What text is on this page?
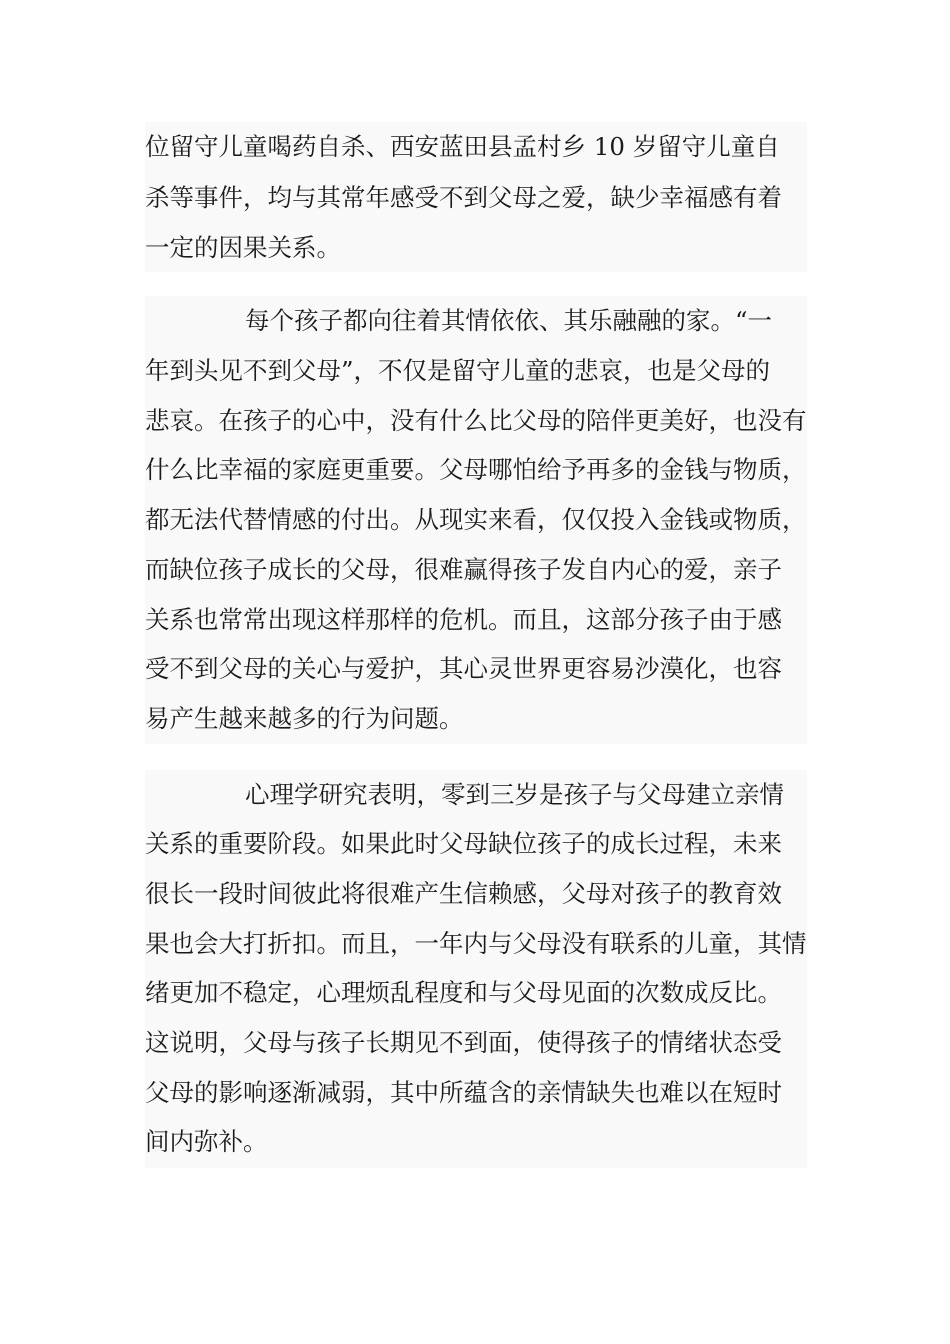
位留守儿童喝药自杀、西安蓝田县孟村乡 10 岁留守儿童自
杀等事件，均与其常年感受不到父母之爱，缺少幸福感有着
一定的因果关系。
每个孩子都向往着其情依依、其乐融融的家。“一
年到头见不到父母”，不仅是留守儿童的悲哀，也是父母的
悲哀。在孩子的心中，没有什么比父母的陪伴更美好，也没有
什么比幸福的家庭更重要。父母哪怕给予再多的金钱与物质，
都无法代替情感的付出。从现实来看，仅仅投入金钱或物质，
而缺位孩子成长的父母，很难赢得孩子发自内心的爱，亲子
关系也常常出现这样那样的危机。而且，这部分孩子由于感
受不到父母的关心与爱护，其心灵世界更容易沙漠化，也容
易产生越来越多的行为问题。
心理学研究表明，零到三岁是孩子与父母建立亲情
关系的重要阶段。如果此时父母缺位孩子的成长过程，未来
很长一段时间彼此将很难产生信赖感，父母对孩子的教育效
果也会大打折扣。而且，一年内与父母没有联系的儿童，其情
绪更加不稳定，心理烦乱程度和与父母见面的次数成反比。
这说明，父母与孩子长期见不到面，使得孩子的情绪状态受
父母的影响逐渐减弱，其中所蕴含的亲情缺失也难以在短时
间内弥补。
